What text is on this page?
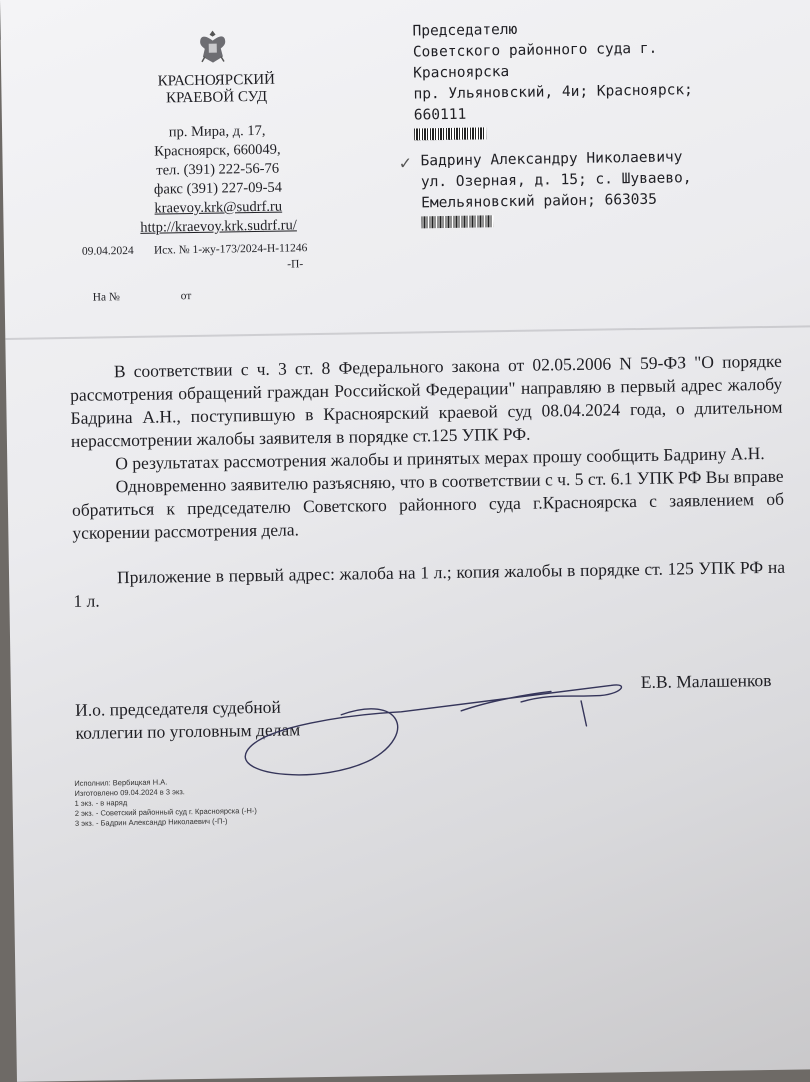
КРАСНОЯРСКИЙ
КРАЕВОЙ СУД
пр. Мира, д. 17,
Красноярск, 660049,
тел. (391) 222-56-76
факс (391) 227-09-54
kraevoy.krk@sudrf.ru
http://kraevoy.krk.sudrf.ru/
09.04.2024 Исх. № 1-жу-173/2024-Н-11246
-П-
На №	от
Председателю
Советского районного суда г.
Красноярска
пр. Ульяновский, 4и; Красноярск;
660111
✓ Бадрину Александру Николаевичу
ул. Озерная, д. 15; с. Шуваево,
Емельяновский район; 663035

В соответствии с ч. 3 ст. 8 Федерального закона от 02.05.2006 N 59-ФЗ "О порядке рассмотрения обращений граждан Российской Федерации" направляю в первый адрес жалобу Бадрина А.Н., поступившую в Красноярский краевой суд 08.04.2024 года, о длительном нерассмотрении жалобы заявителя в порядке ст.125 УПК РФ.

О результатах рассмотрения жалобы и принятых мерах прошу сообщить Бадрину А.Н.

Одновременно заявителю разъясняю, что в соответствии с ч. 5 ст. 6.1 УПК РФ Вы вправе обратиться к председателю Советского районного суда г.Красноярска с заявлением об ускорении рассмотрения дела.

Приложение в первый адрес: жалоба на 1 л.; копия жалобы в порядке ст. 125 УПК РФ на 1 л.

И.о. председателя судебной
коллегии по уголовным делам
Е.В. Малашенков
Исполнил: Вербицкая Н.А.
Изготовлено 09.04.2024 в 3 экз.
1 экз. - в наряд
2 экз. - Советский районный суд г. Красноярска (-Н-)
3 экз. - Бадрин Александр Николаевич (-П-)
